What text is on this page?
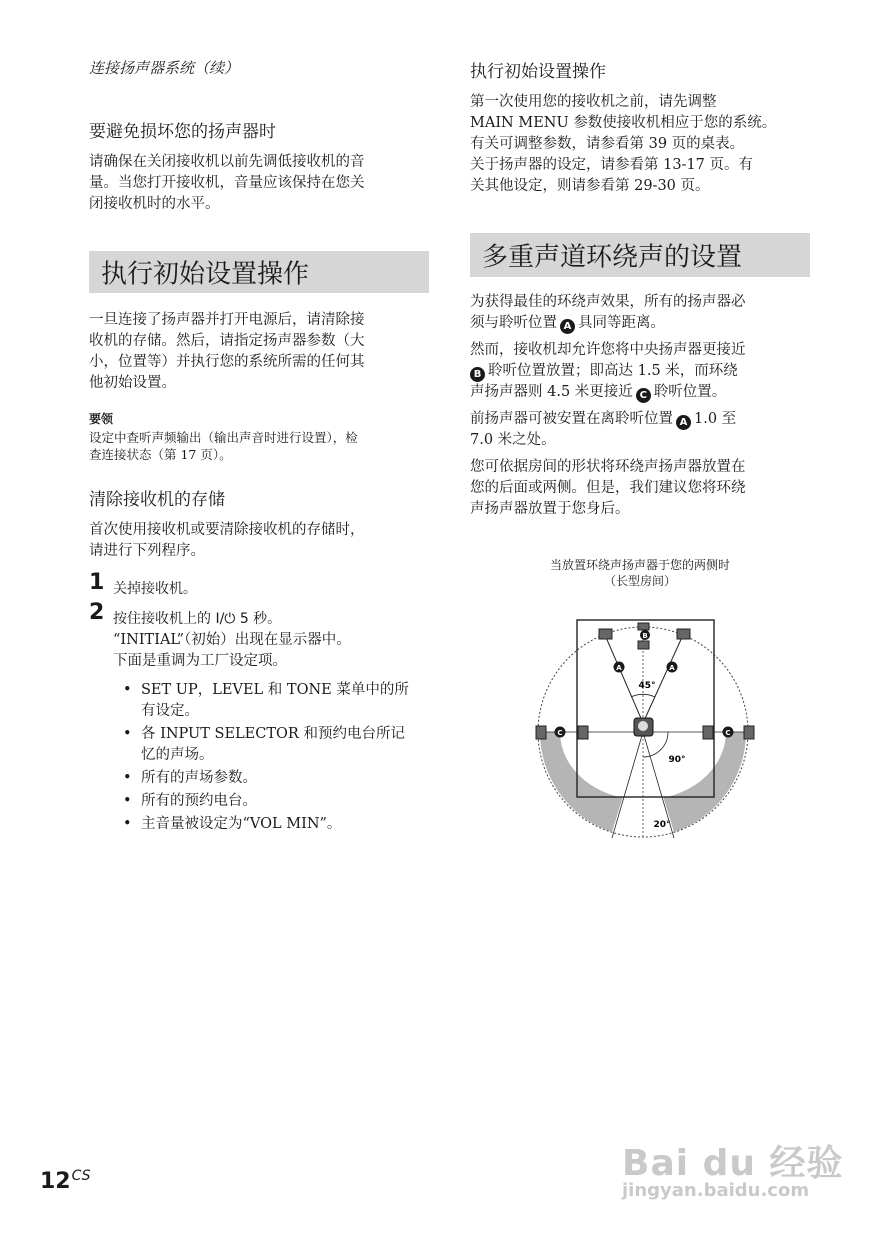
连接扬声器系统（续）
要避免损坏您的扬声器时
请确保在关闭接收机以前先调低接收机的音
量。当您打开接收机，音量应该保持在您关
闭接收机时的水平。
执行初始设置操作
一旦连接了扬声器并打开电源后，请清除接
收机的存储。然后，请指定扬声器参数（大
小，位置等）并执行您的系统所需的任何其
他初始设置。
要领
设定中查听声频输出（输出声音时进行设置），检
查连接状态（第 17 页）。
清除接收机的存储
首次使用接收机或要清除接收机的存储时，
请进行下列程序。
1 关掉接收机。
2 按住接收机上的 I/⏻ 5 秒。
“INITIAL”（初始）出现在显示器中。
下面是重调为工厂设定项。
• SET UP，LEVEL 和 TONE 菜单中的所
有设定。
• 各 INPUT SELECTOR 和预约电台所记
忆的声场。
• 所有的声场参数。
• 所有的预约电台。
• 主音量被设定为“VOL MIN”。
执行初始设置操作
第一次使用您的接收机之前，请先调整
MAIN MENU 参数使接收机相应于您的系统。
有关可调整参数，请参看第 39 页的桌表。
关于扬声器的设定，请参看第 13-17 页。有
关其他设定，则请参看第 29-30 页。
多重声道环绕声的设置
为获得最佳的环绕声效果，所有的扬声器必
须与聆听位置 A 具同等距离。
然而，接收机却允许您将中央扬声器更接近
B 聆听位置放置；即高达 1.5 米，而环绕
声扬声器则 4.5 米更接近 C 聆听位置。
前扬声器可被安置在离聆听位置 A 1.0 至
7.0 米之处。
您可依据房间的形状将环绕声扬声器放置在
您的后面或两侧。但是，我们建议您将环绕
声扬声器放置于您身后。
当放置环绕声扬声器于您的两侧时
（长型房间）
A	A
B
C	C
45°
90°
20°
$12^{CS}$	Bai du 经验
jingyan.baidu.com
